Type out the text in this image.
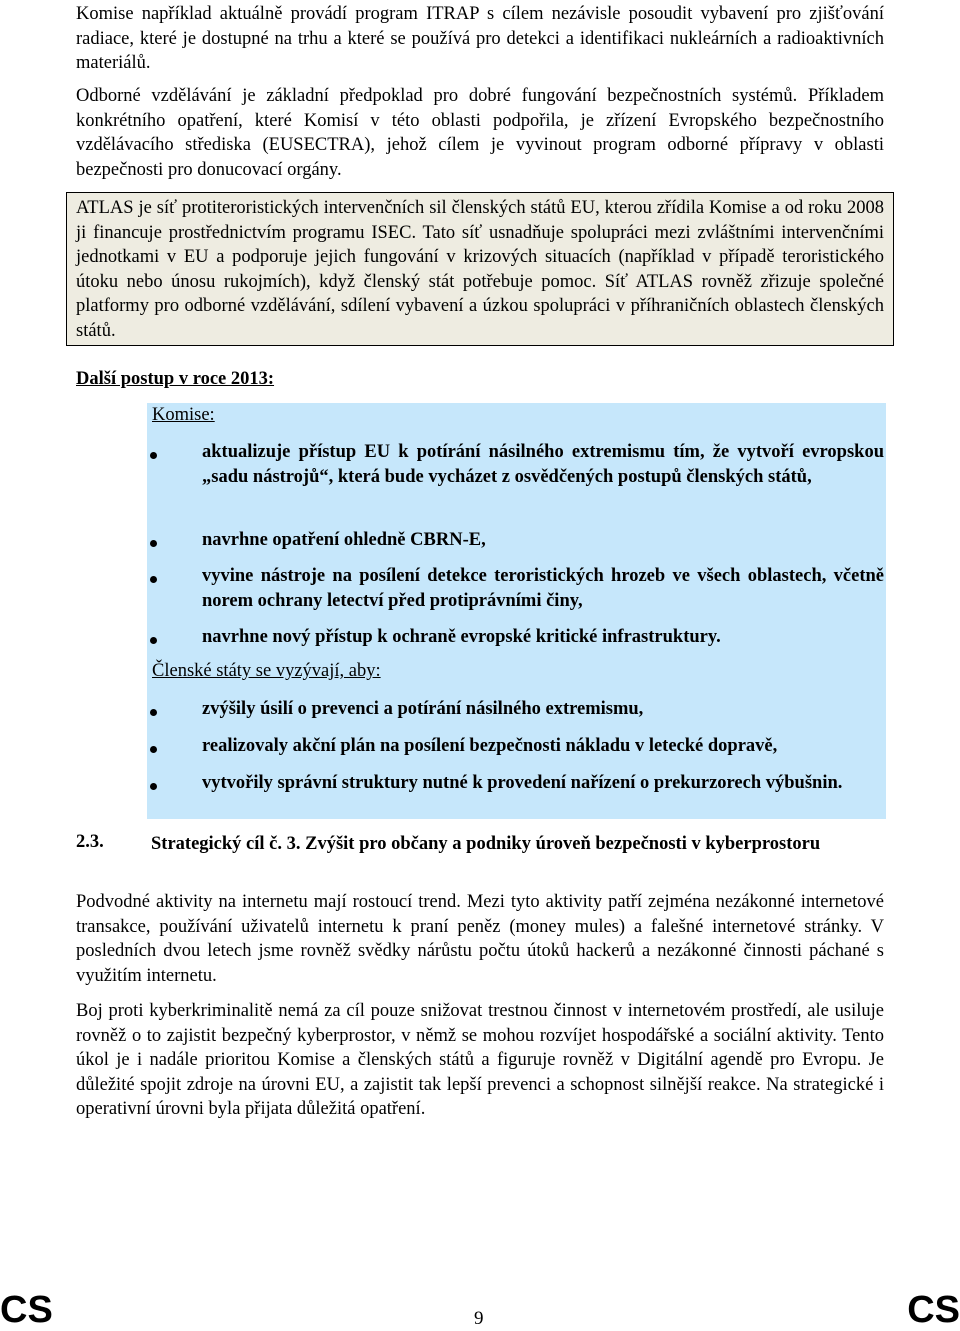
Komise například aktuálně provádí program ITRAP s cílem nezávisle posoudit vybavení pro zjišťování radiace, které je dostupné na trhu a které se používá pro detekci a identifikaci nukleárních a radioaktivních materiálů.

Odborné vzdělávání je základní předpoklad pro dobré fungování bezpečnostních systémů. Příkladem konkrétního opatření, které Komisí v této oblasti podpořila, je zřízení Evropského bezpečnostního vzdělávacího střediska (EUSECTRA), jehož cílem je vyvinout program odborné přípravy v oblasti bezpečnosti pro donucovací orgány.

ATLAS je síť protiteroristických intervenčních sil členských států EU, kterou zřídila Komise a od roku 2008 ji financuje prostřednictvím programu ISEC. Tato síť usnadňuje spolupráci mezi zvláštními intervenčními jednotkami v EU a podporuje jejich fungování v krizových situacích (například v případě teroristického útoku nebo únosu rukojmích), když členský stát potřebuje pomoc. Síť ATLAS rovněž zřizuje společné platformy pro odborné vzdělávání, sdílení vybavení a úzkou spolupráci v příhraničních oblastech členských států.

Další postup v roce 2013:
Komise:
aktualizuje přístup EU k potírání násilného extremismu tím, že vytvoří evropskou „sadu nástrojů“, která bude vycházet z osvědčených postupů členských států,
navrhne opatření ohledně CBRN-E,
vyvine nástroje na posílení detekce teroristických hrozeb ve všech oblastech, včetně norem ochrany letectví před protiprávními činy,
navrhne nový přístup k ochraně evropské kritické infrastruktury.
Členské státy se vyzývají, aby:
zvýšily úsilí o prevenci a potírání násilného extremismu,
realizovaly akční plán na posílení bezpečnosti nákladu v letecké dopravě,
vytvořily správní struktury nutné k provedení nařízení o prekurzorech výbušnin.
2.3.	Strategický cíl č. 3. Zvýšit pro občany a podniky úroveň bezpečnosti v kyberprostoru

Podvodné aktivity na internetu mají rostoucí trend. Mezi tyto aktivity patří zejména nezákonné internetové transakce, používání uživatelů internetu k praní peněz (money mules) a falešné internetové stránky. V posledních dvou letech jsme rovněž svědky nárůstu počtu útoků hackerů a nezákonné činnosti páchané s využitím internetu.

Boj proti kyberkriminalitě nemá za cíl pouze snižovat trestnou činnost v internetovém prostředí, ale usiluje rovněž o to zajistit bezpečný kyberprostor, v němž se mohou rozvíjet hospodářské a sociální aktivity. Tento úkol je i nadále prioritou Komise a členských států a figuruje rovněž v Digitální agendě pro Evropu. Je důležité spojit zdroje na úrovni EU, a zajistit tak lepší prevenci a schopnost silnější reakce. Na strategické i operativní úrovni byla přijata důležitá opatření.

CS	9	CS
